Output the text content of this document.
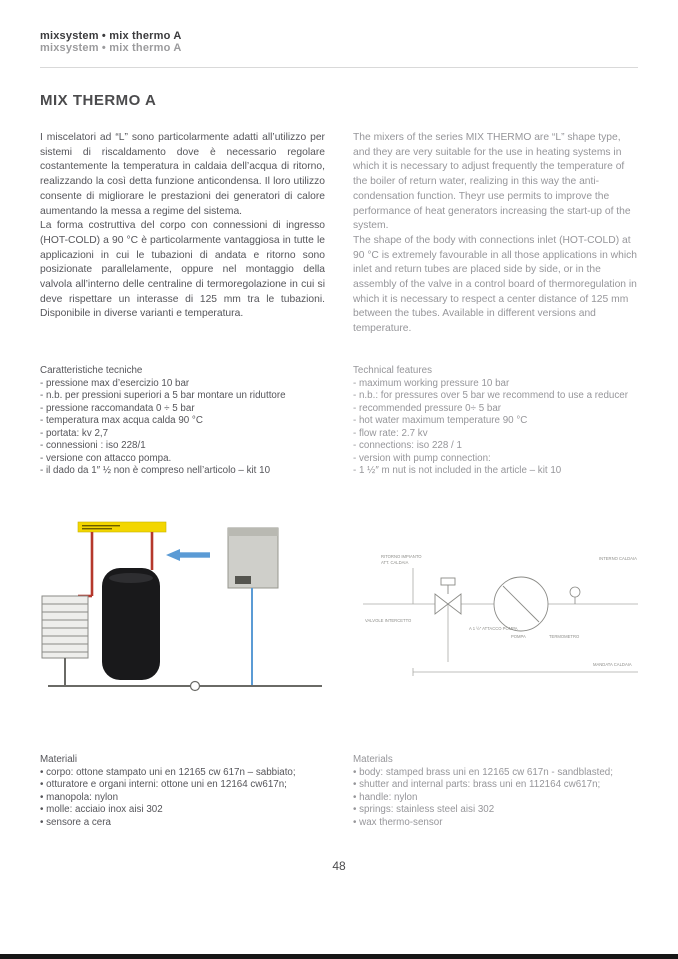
mixsystem • mix thermo A
mixsystem • mix thermo A
MIX THERMO A

I miscelatori ad “L” sono particolarmente adatti all’utilizzo per sistemi di riscaldamento dove è necessario regolare costantemente la temperatura in caldaia dell’acqua di ritorno, realizzando la così detta funzione anticondensa. Il loro utilizzo consente di migliorare le prestazioni dei generatori di calore aumentando la messa a regime del sistema.

La forma costruttiva del corpo con connessioni di ingresso (HOT-COLD) a 90 °C è particolarmente vantaggiosa in tutte le applicazioni in cui le tubazioni di andata e ritorno sono posizionate parallelamente, oppure nel montaggio della valvola all’interno delle centraline di termoregolazione in cui si deve rispettare un interasse di 125 mm tra le tubazioni. Disponibile in diverse varianti e temperatura.

The mixers of the series MIX THERMO are “L” shape type, and they are very suitable for the use in heating systems in which it is necessary to adjust frequently the temperature of the boiler of return water, realizing in this way the anti-condensation function. Theyr use permits to improve the performance of heat generators increasing the start-up of the system.

The shape of the body with connections inlet (HOT-COLD) at 90 °C is extremely favourable in all those applications in which inlet and return tubes are placed side by side, or in the assembly of the valve in a control board of thermoregulation in which it is necessary to respect a center distance of 125 mm between the tubes. Available in different versions and temperature.

Caratteristiche tecniche
- pressione max d’esercizio 10 bar
- n.b. per pressioni superiori a 5 bar montare un riduttore
- pressione raccomandata 0 ÷ 5 bar
- temperatura max acqua calda 90 °C
- portata: kv 2,7
- connessioni : iso 228/1
- versione con attacco pompa.
- il dado da 1″ ½ non è compreso nell’articolo – kit 10
Technical features
- maximum working pressure 10 bar
- n.b.: for pressures over 5 bar we recommend to use a reducer
- recommended pressure 0÷ 5 bar
- hot water maximum temperature 90 °C
- flow rate: 2.7 kv
- connections: iso 228 / 1
- version with pump connection:
- 1 ½″ m nut is not included in the article – kit 10
RITORNO IMPIANTO
ATT. CALDAIA
INTERNO CALDAIA
VALVOLE INTERCETTO
A 1 ½″ ATTACCO POMPA
POMPA	TERMOMETRO
MANDATA CALDAIA
Materiali
• corpo: ottone stampato uni en 12165 cw 617n – sabbiato;
• otturatore e organi interni: ottone uni en 12164 cw617n;
• manopola: nylon
• molle: acciaio inox aisi 302
• sensore a cera
Materials
• body: stamped brass uni en 12165 cw 617n - sandblasted;
• shutter and internal parts: brass uni en 112164 cw617n;
• handle: nylon
• springs: stainless steel aisi 302
• wax thermo-sensor
48
